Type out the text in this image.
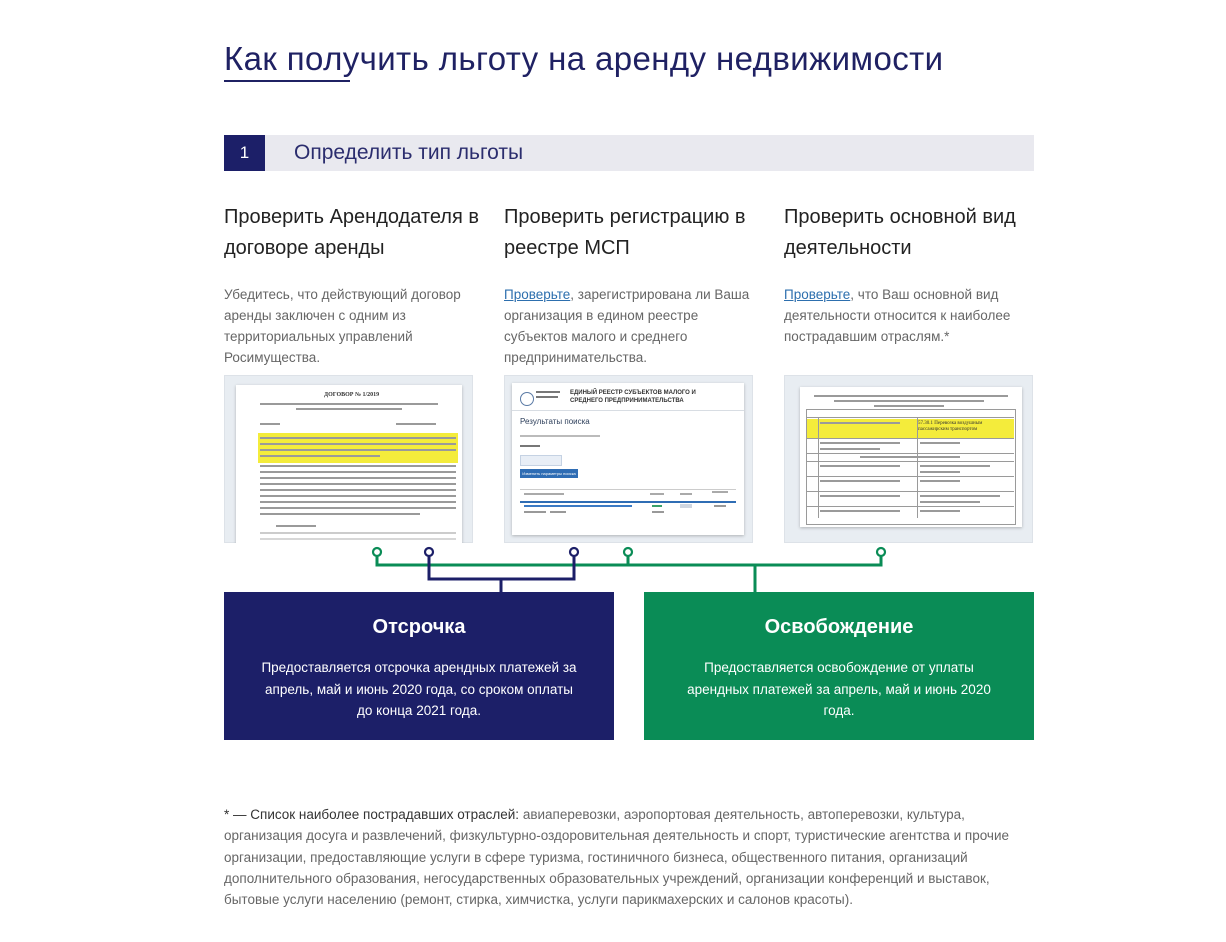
Как получить льготу на аренду недвижимости
1	Определить тип льготы
Проверить Арендодателя в договоре аренды

Убедитесь, что действующий договор аренды заключен с одним из территориальных управлений Росимущества.

Проверить регистрацию в реестре МСП

Проверьте, зарегистрирована ли Ваша организация в едином реестре субъектов малого и среднего предпринимательства.

Проверить основной вид деятельности

Проверьте, что Ваш основной вид деятельности относится к наиболее пострадавшим отраслям.*

ДОГОВОР № 1/2019	ЕДИНЫЙ РЕЕСТР СУБЪЕКТОВ МАЛОГО И СРЕДНЕГО ПРЕДПРИНИМАТЕЛЬСТВА
Результаты поиска
Изменить параметры поиска
57.30.1 Перевозка воздушным пассажирским транспортом
Отсрочка

Предоставляется отсрочка арендных платежей за апрель, май и июнь 2020 года, со сроком оплаты до конца 2021 года.

Освобождение

Предоставляется освобождение от уплаты арендных платежей за апрель, май и июнь 2020 года.

* — Список наиболее пострадавших отраслей: авиаперевозки, аэропортовая деятельность, автоперевозки, культура, организация досуга и развлечений, физкультурно-оздоровительная деятельность и спорт, туристические агентства и прочие организации, предоставляющие услуги в сфере туризма, гостиничного бизнеса, общественного питания, организаций дополнительного образования, негосударственных образовательных учреждений, организации конференций и выставок, бытовые услуги населению (ремонт, стирка, химчистка, услуги парикмахерских и салонов красоты).
